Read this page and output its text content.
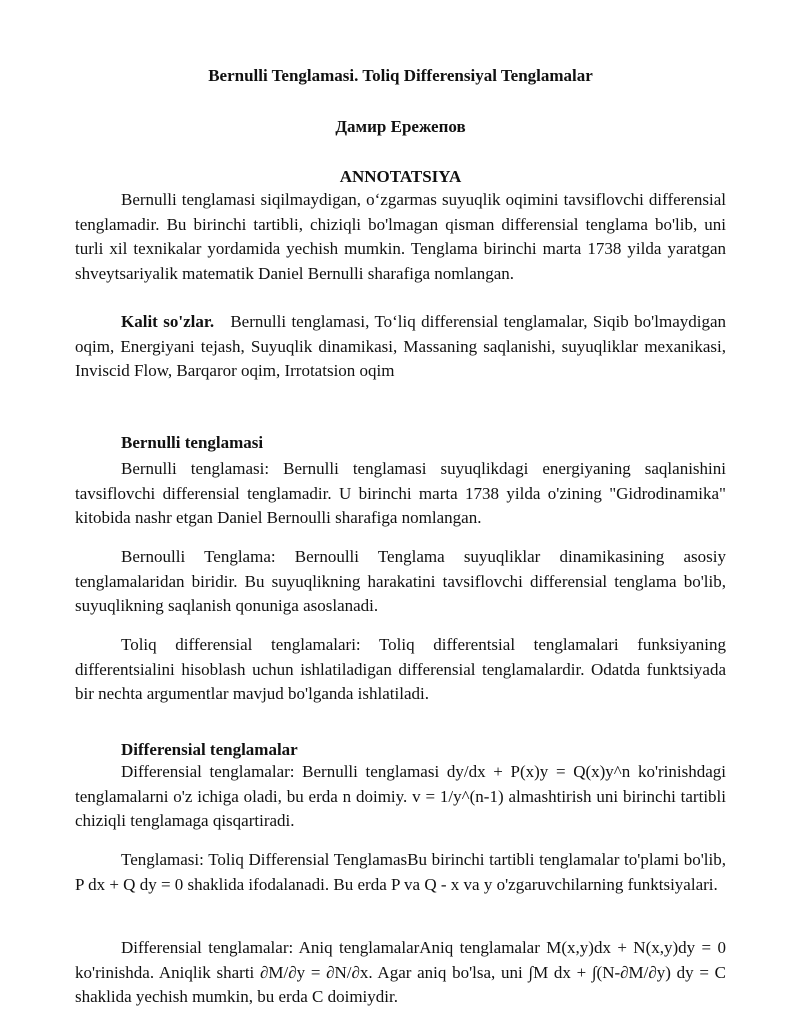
Bernulli Tenglamasi. Toliq Differensiyal Tenglamalar
Дамир Ережепов
ANNOTATSIYA

Bernulli tenglamasi siqilmaydigan, o‘zgarmas suyuqlik oqimini tavsiflovchi differensial tenglamadir. Bu birinchi tartibli, chiziqli bo'lmagan qisman differensial tenglama bo'lib, uni turli xil texnikalar yordamida yechish mumkin. Tenglama birinchi marta 1738 yilda yaratgan shveytsariyalik matematik Daniel Bernulli sharafiga nomlangan.

Kalit so'zlar. Bernulli tenglamasi, To‘liq differensial tenglamalar, Siqib bo'lmaydigan oqim, Energiyani tejash, Suyuqlik dinamikasi, Massaning saqlanishi, suyuqliklar mexanikasi, Inviscid Flow, Barqaror oqim, Irrotatsion oqim

Bernulli tenglamasi

Bernulli tenglamasi: Bernulli tenglamasi suyuqlikdagi energiyaning saqlanishini tavsiflovchi differensial tenglamadir. U birinchi marta 1738 yilda o'zining "Gidrodinamika" kitobida nashr etgan Daniel Bernoulli sharafiga nomlangan.

Bernoulli Tenglama: Bernoulli Tenglama suyuqliklar dinamikasining asosiy tenglamalaridan biridir. Bu suyuqlikning harakatini tavsiflovchi differensial tenglama bo'lib, suyuqlikning saqlanish qonuniga asoslanadi.

Toliq differensial tenglamalari: Toliq differentsial tenglamalari funksiyaning differentsialini hisoblash uchun ishlatiladigan differensial tenglamalardir. Odatda funktsiyada bir nechta argumentlar mavjud bo'lganda ishlatiladi.

Differensial tenglamalar

Differensial tenglamalar: Bernulli tenglamasi dy/dx + P(x)y = Q(x)y^n ko'rinishdagi tenglamalarni o'z ichiga oladi, bu erda n doimiy. v = 1/y^(n-1) almashtirish uni birinchi tartibli chiziqli tenglamaga qisqartiradi.

Tenglamasi: Toliq Differensial TenglamasBu birinchi tartibli tenglamalar to'plami bo'lib, P dx + Q dy = 0 shaklida ifodalanadi. Bu erda P va Q - x va y o'zgaruvchilarning funktsiyalari.

Differensial tenglamalar: Aniq tenglamalarAniq tenglamalar M(x,y)dx + N(x,y)dy = 0 ko'rinishda. Aniqlik sharti ∂M/∂y = ∂N/∂x. Agar aniq bo'lsa, uni ∫M dx + ∫(N-∂M/∂y) dy = C shaklida yechish mumkin, bu erda C doimiydir.
